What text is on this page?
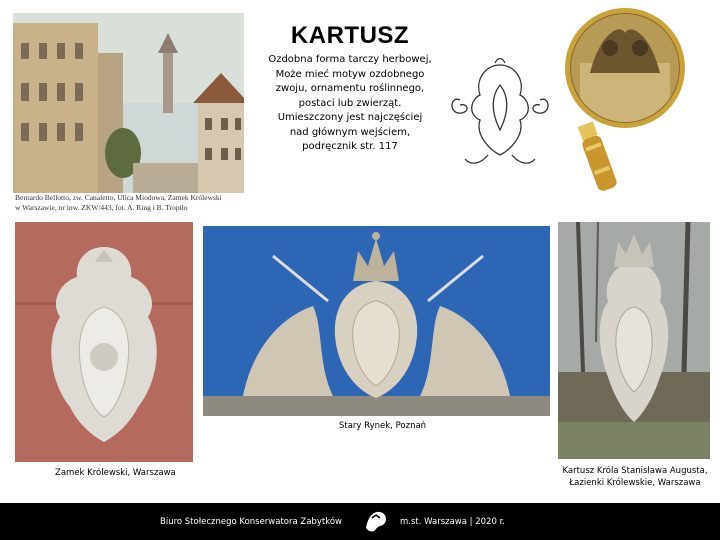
Bernardo Bellotto, zw. Canaletto, Ulica Miodowa, Zamek Królewski
w Warszawie, nr inw. ZKW/443, fot. A. Ring i B. Tropiło
KARTUSZ
Ozdobna forma tarczy herbowej,
Może mieć motyw ozdobnego
zwoju, ornamentu roślinnego,
postaci lub zwierząt.
Umieszczony jest najczęściej
nad głównym wejściem,
podręcznik str. 117
Stary Rynek, Poznań
Zamek Królewski, Warszawa	Kartusz Króla Stanisława Augusta,
Łazienki Królewskie, Warszawa
Biuro Stołecznego Konserwatora Zabytków	m.st. Warszawa | 2020 r.
